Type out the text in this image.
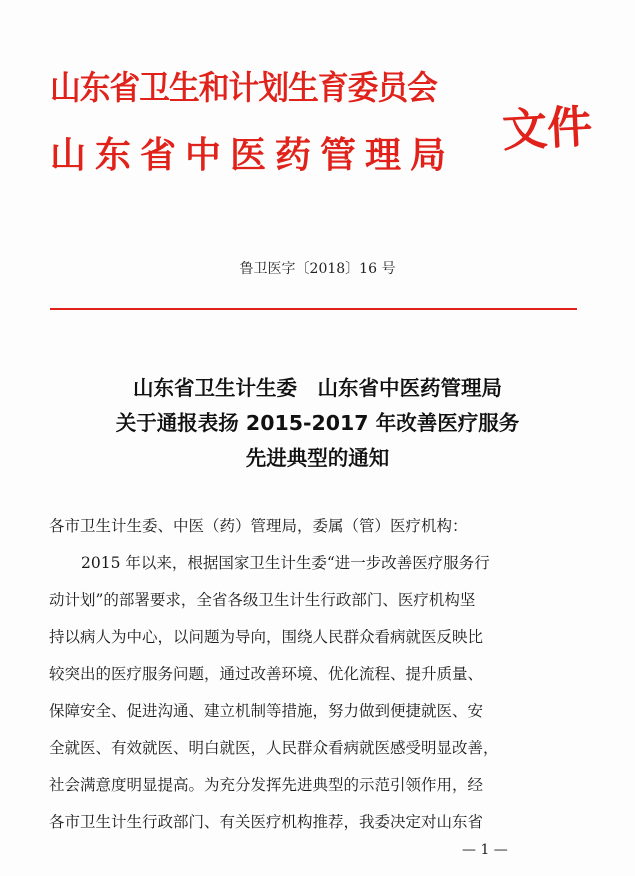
山东省卫生和计划生育委员会
山东省中医药管理局 文件
鲁卫医字〔2018〕16 号
山东省卫生计生委　山东省中医药管理局
关于通报表扬 2015-2017 年改善医疗服务
先进典型的通知
各市卫生计生委、中医（药）管理局，委属（管）医疗机构：
2015 年以来，根据国家卫生计生委“进一步改善医疗服务行
动计划”的部署要求，全省各级卫生计生行政部门、医疗机构坚
持以病人为中心，以问题为导向，围绕人民群众看病就医反映比
较突出的医疗服务问题，通过改善环境、优化流程、提升质量、
保障安全、促进沟通、建立机制等措施，努力做到便捷就医、安
全就医、有效就医、明白就医，人民群众看病就医感受明显改善，
社会满意度明显提高。为充分发挥先进典型的示范引领作用，经
各市卫生计生行政部门、有关医疗机构推荐，我委决定对山东省
— 1 —
